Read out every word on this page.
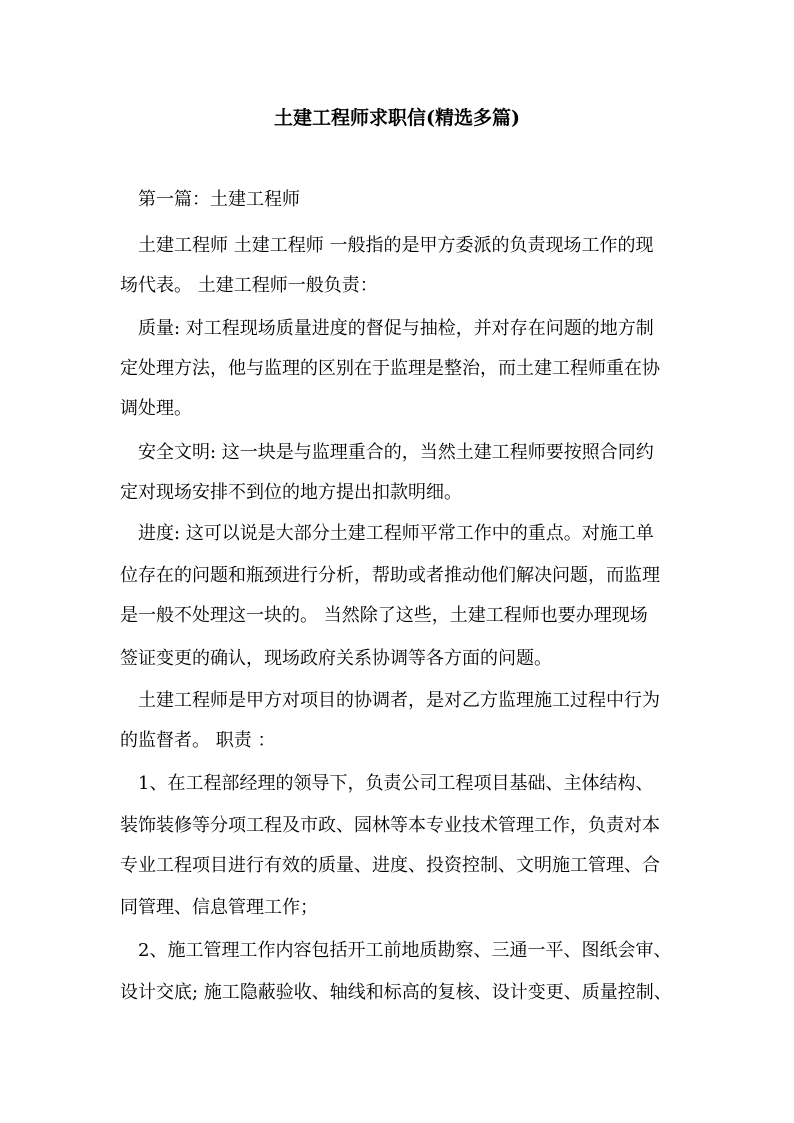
土建工程师求职信(精选多篇)

　第一篇：土建工程师

　土建工程师 土建工程师 一般指的是甲方委派的负责现场工作的现

场代表。 土建工程师一般负责：

　质量: 对工程现场质量进度的督促与抽检，并对存在问题的地方制

定处理方法，他与监理的区别在于监理是整治，而土建工程师重在协

调处理。

　安全文明: 这一块是与监理重合的，当然土建工程师要按照合同约

定对现场安排不到位的地方提出扣款明细。

　进度: 这可以说是大部分土建工程师平常工作中的重点。对施工单

位存在的问题和瓶颈进行分析，帮助或者推动他们解决问题，而监理

是一般不处理这一块的。 当然除了这些，土建工程师也要办理现场

签证变更的确认，现场政府关系协调等各方面的问题。

　土建工程师是甲方对项目的协调者，是对乙方监理施工过程中行为

的监督者。 职责 ：

　1、在工程部经理的领导下，负责公司工程项目基础、主体结构、

装饰装修等分项工程及市政、园林等本专业技术管理工作，负责对本

专业工程项目进行有效的质量、进度、投资控制、文明施工管理、合

同管理、信息管理工作；

　2、施工管理工作内容包括开工前地质勘察、三通一平、图纸会审、

设计交底; 施工隐蔽验收、轴线和标高的复核、设计变更、质量控制、
